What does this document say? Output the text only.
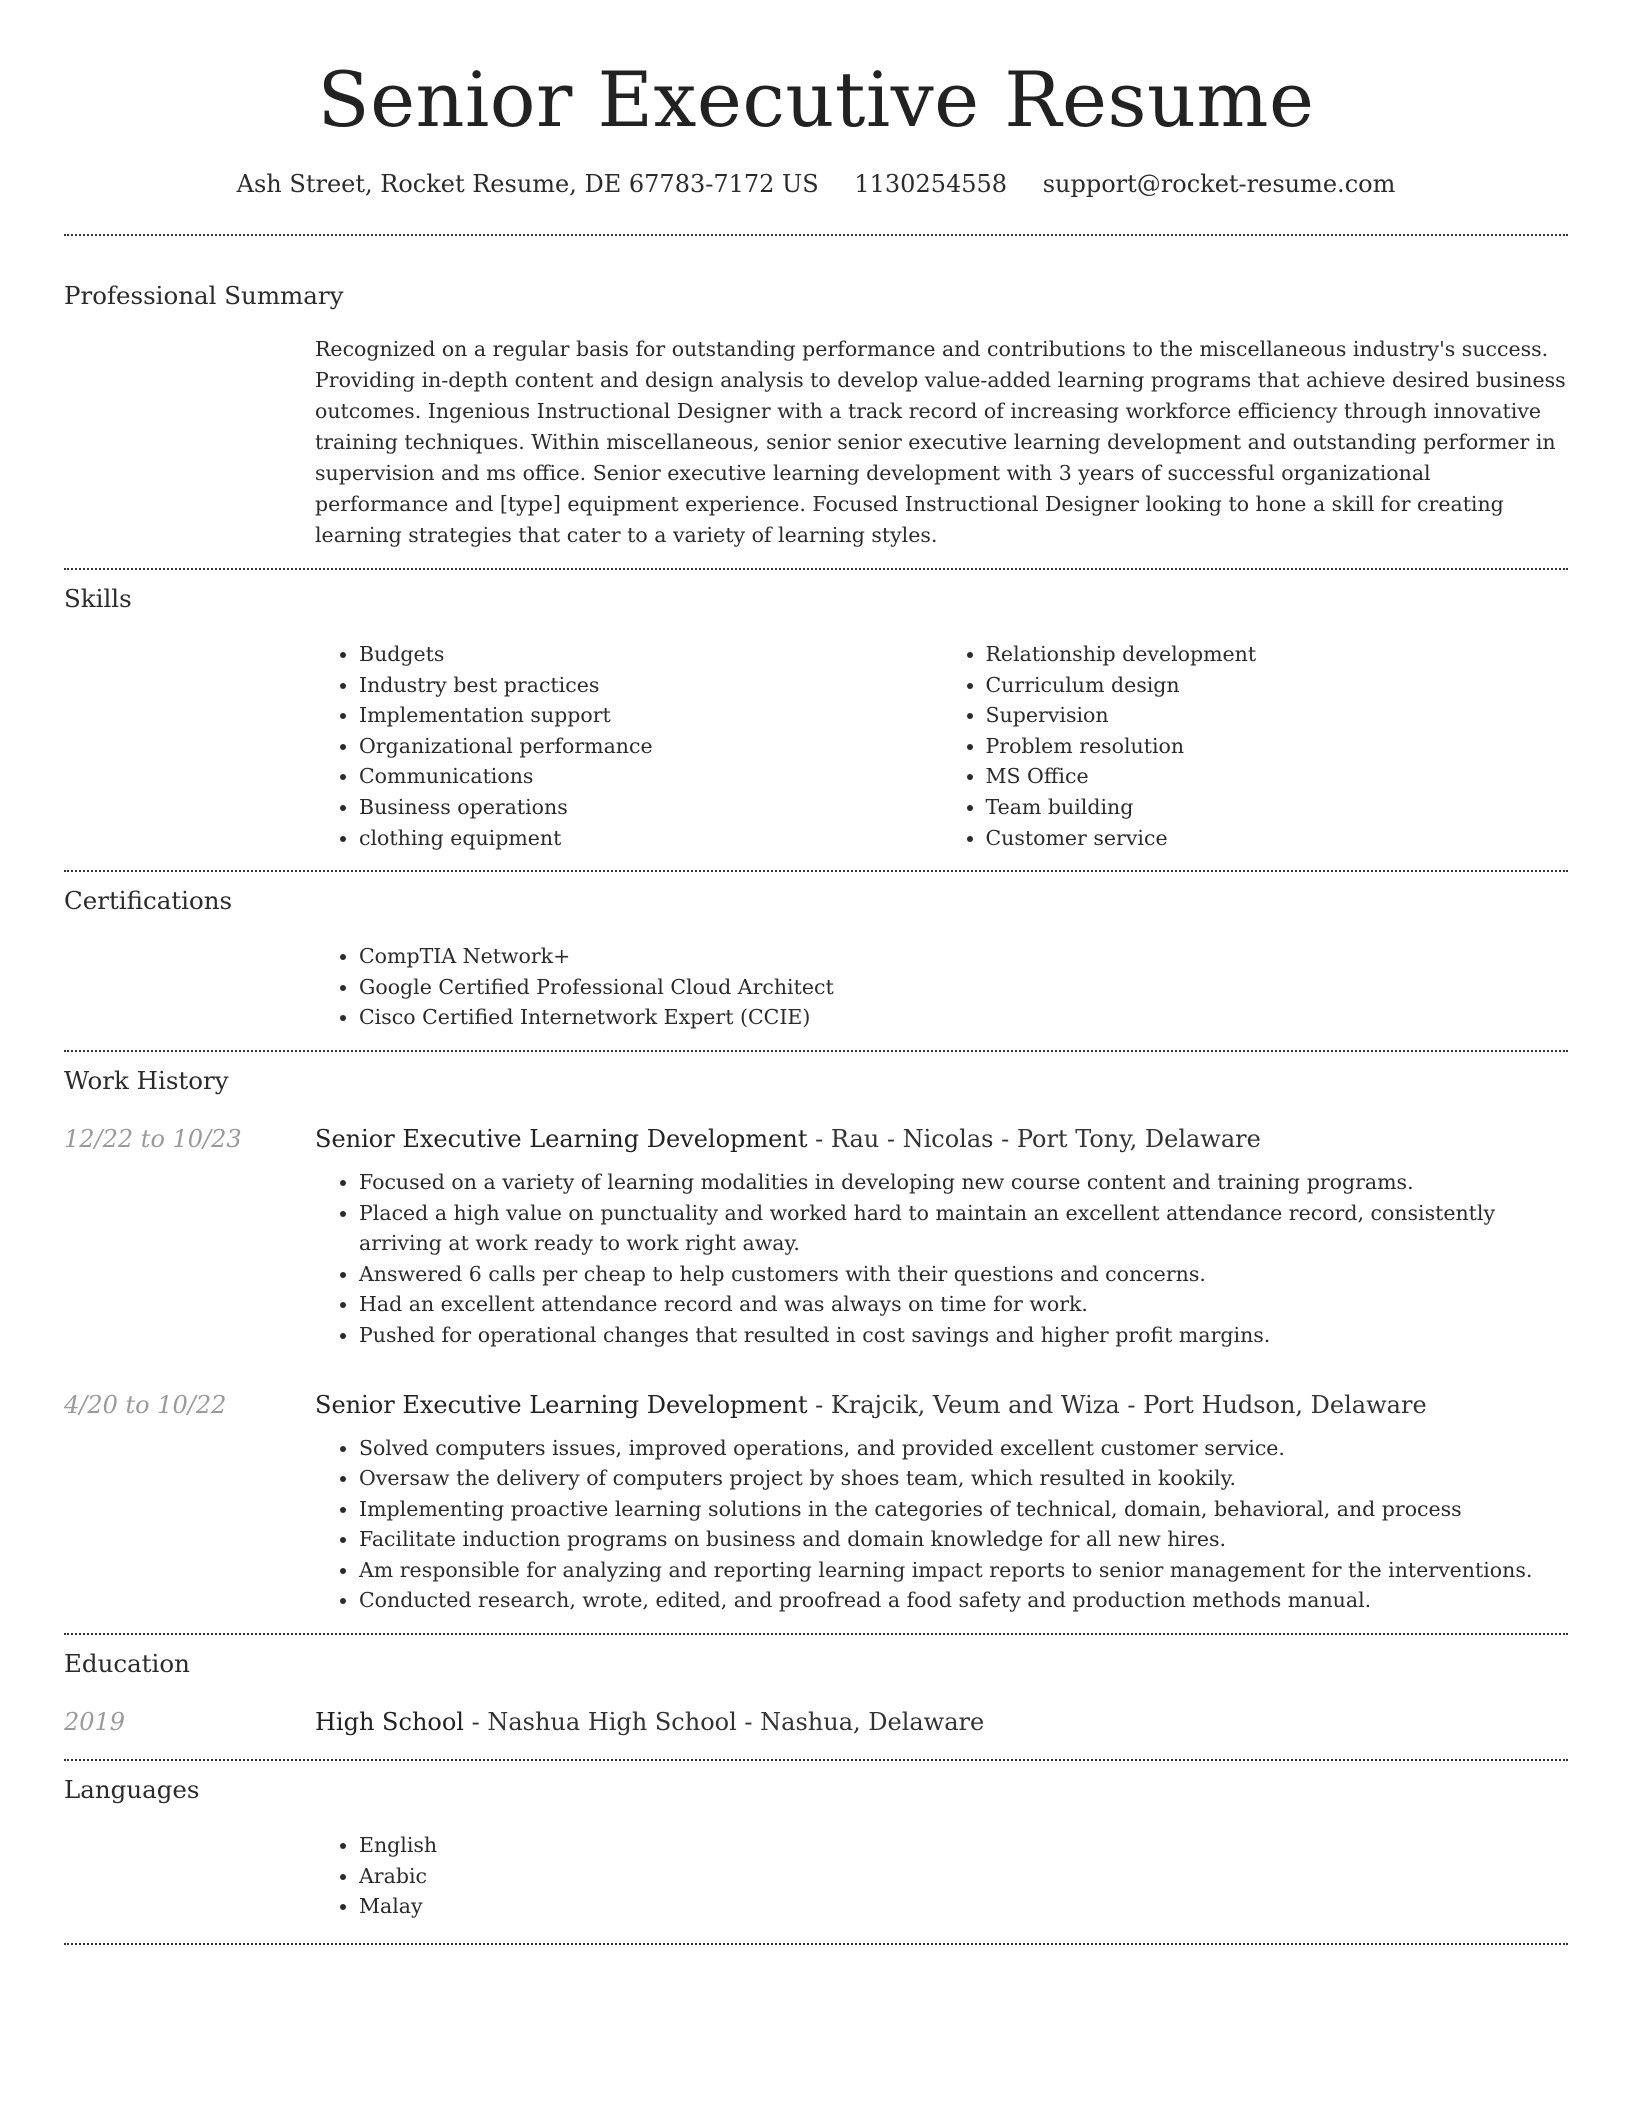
Senior Executive Resume
Ash Street, Rocket Resume, DE 67783-7172 US 1130254558 support@rocket-resume.com
Professional Summary

Recognized on a regular basis for outstanding performance and contributions to the miscellaneous industry's success. Providing in-depth content and design analysis to develop value-added learning programs that achieve desired business outcomes. Ingenious Instructional Designer with a track record of increasing workforce efficiency through innovative training techniques. Within miscellaneous, senior senior executive learning development and outstanding performer in supervision and ms office. Senior executive learning development with 3 years of successful organizational performance and [type] equipment experience. Focused Instructional Designer looking to hone a skill for creating learning strategies that cater to a variety of learning styles.

Skills
• Budgets
• Industry best practices
• Implementation support
• Organizational performance
• Communications
• Business operations
• clothing equipment
• Relationship development
• Curriculum design
• Supervision
• Problem resolution
• MS Office
• Team building
• Customer service
Certifications
• CompTIA Network+
• Google Certified Professional Cloud Architect
• Cisco Certified Internetwork Expert (CCIE)
Work History
12/22 to 10/23	Senior Executive Learning Development - Rau - Nicolas - Port Tony, Delaware
• Focused on a variety of learning modalities in developing new course content and training programs.
• Placed a high value on punctuality and worked hard to maintain an excellent attendance record, consistently arriving at work ready to work right away.
• Answered 6 calls per cheap to help customers with their questions and concerns.
• Had an excellent attendance record and was always on time for work.
• Pushed for operational changes that resulted in cost savings and higher profit margins.
4/20 to 10/22	Senior Executive Learning Development - Krajcik, Veum and Wiza - Port Hudson, Delaware
• Solved computers issues, improved operations, and provided excellent customer service.
• Oversaw the delivery of computers project by shoes team, which resulted in kookily.
• Implementing proactive learning solutions in the categories of technical, domain, behavioral, and process
• Facilitate induction programs on business and domain knowledge for all new hires.
• Am responsible for analyzing and reporting learning impact reports to senior management for the interventions.
• Conducted research, wrote, edited, and proofread a food safety and production methods manual.
Education
2019	High School - Nashua High School - Nashua, Delaware
Languages
• English
• Arabic
• Malay
